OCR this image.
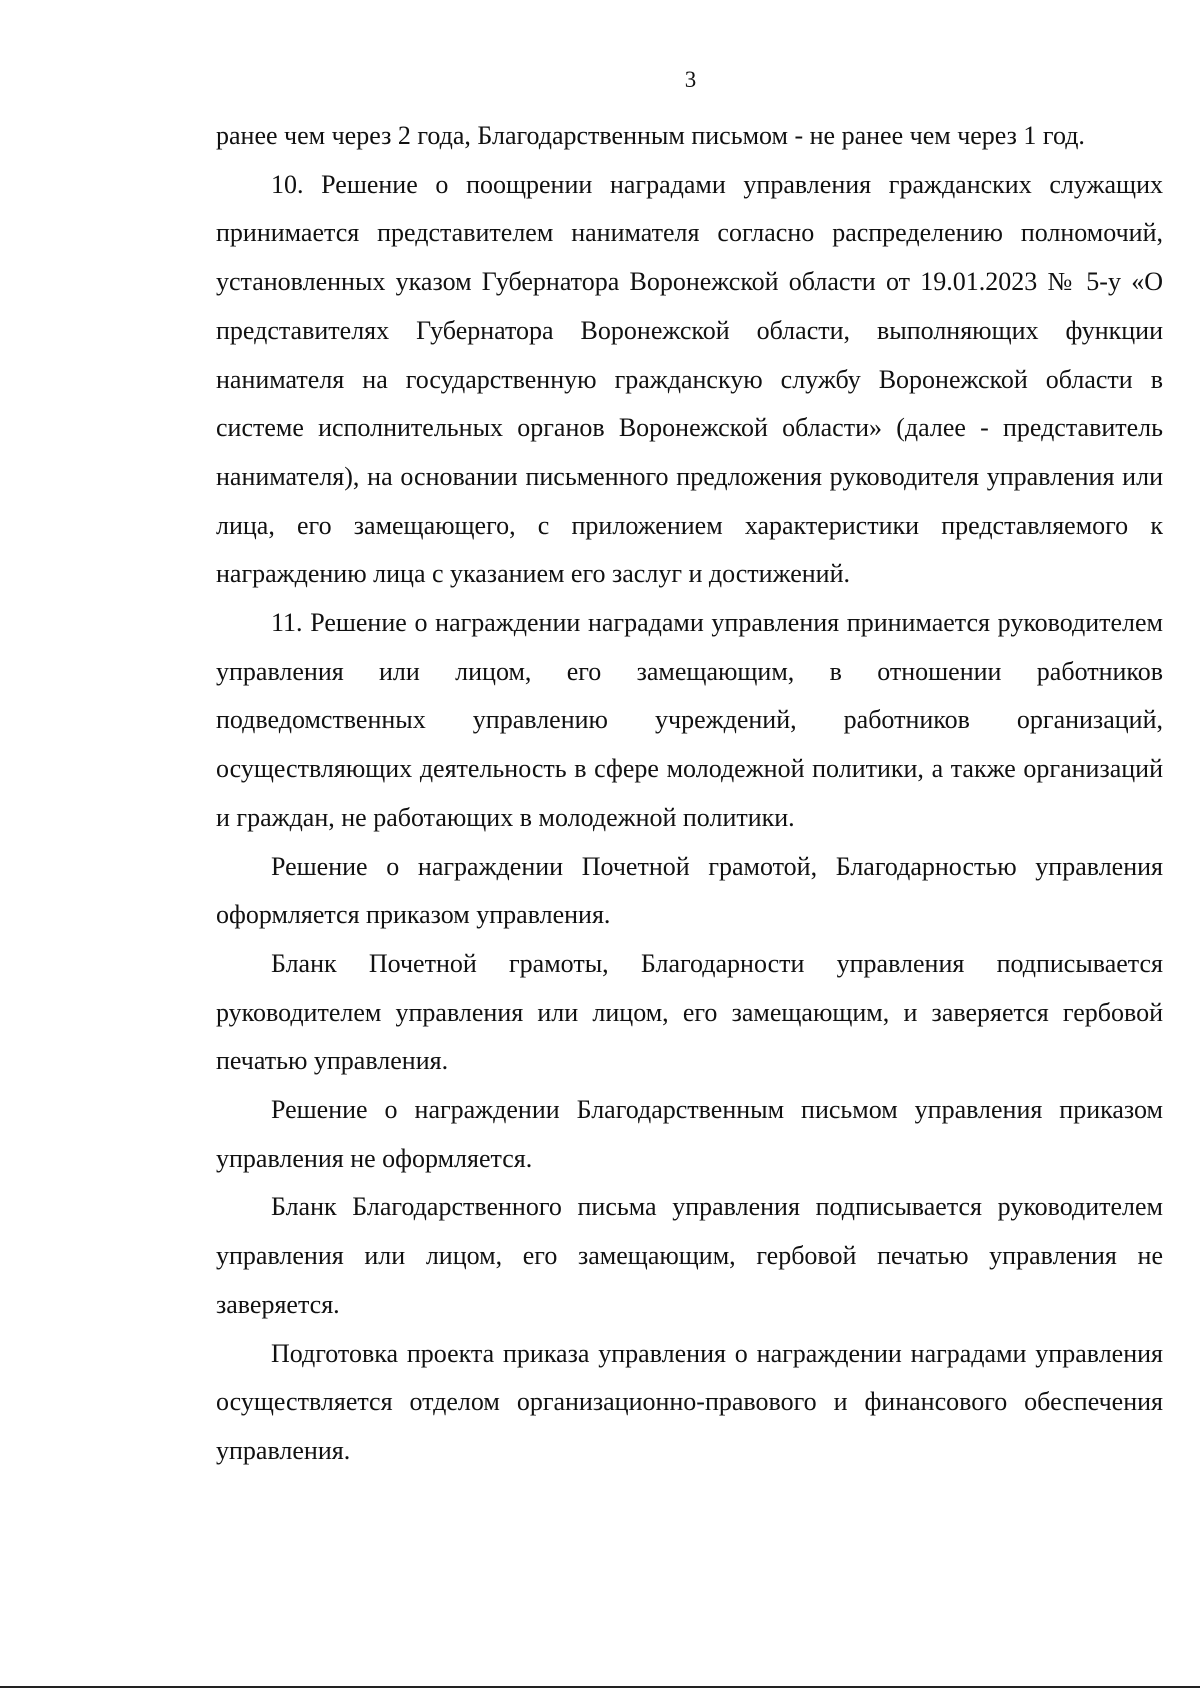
3

ранее чем через 2 года, Благодарственным письмом - не ранее чем через 1 год.

10. Решение о поощрении наградами управления гражданских служащих принимается представителем нанимателя согласно распределению полномочий, установленных указом Губернатора Воронежской области от 19.01.2023 № 5-у «О представителях Губернатора Воронежской области, выполняющих функции нанимателя на государственную гражданскую службу Воронежской области в системе исполнительных органов Воронежской области» (далее - представитель нанимателя), на основании письменного предложения руководителя управления или лица, его замещающего, с приложением характеристики представляемого к награждению лица с указанием его заслуг и достижений.

11. Решение о награждении наградами управления принимается руководителем управления или лицом, его замещающим, в отношении работников подведомственных управлению учреждений, работников организаций, осуществляющих деятельность в сфере молодежной политики, а также организаций и граждан, не работающих в молодежной политики.

Решение о награждении Почетной грамотой, Благодарностью управления оформляется приказом управления.

Бланк Почетной грамоты, Благодарности управления подписывается руководителем управления или лицом, его замещающим, и заверяется гербовой печатью управления.

Решение о награждении Благодарственным письмом управления приказом управления не оформляется.

Бланк Благодарственного письма управления подписывается руководителем управления или лицом, его замещающим, гербовой печатью управления не заверяется.

Подготовка проекта приказа управления о награждении наградами управления осуществляется отделом организационно-правового и финансового обеспечения управления.
